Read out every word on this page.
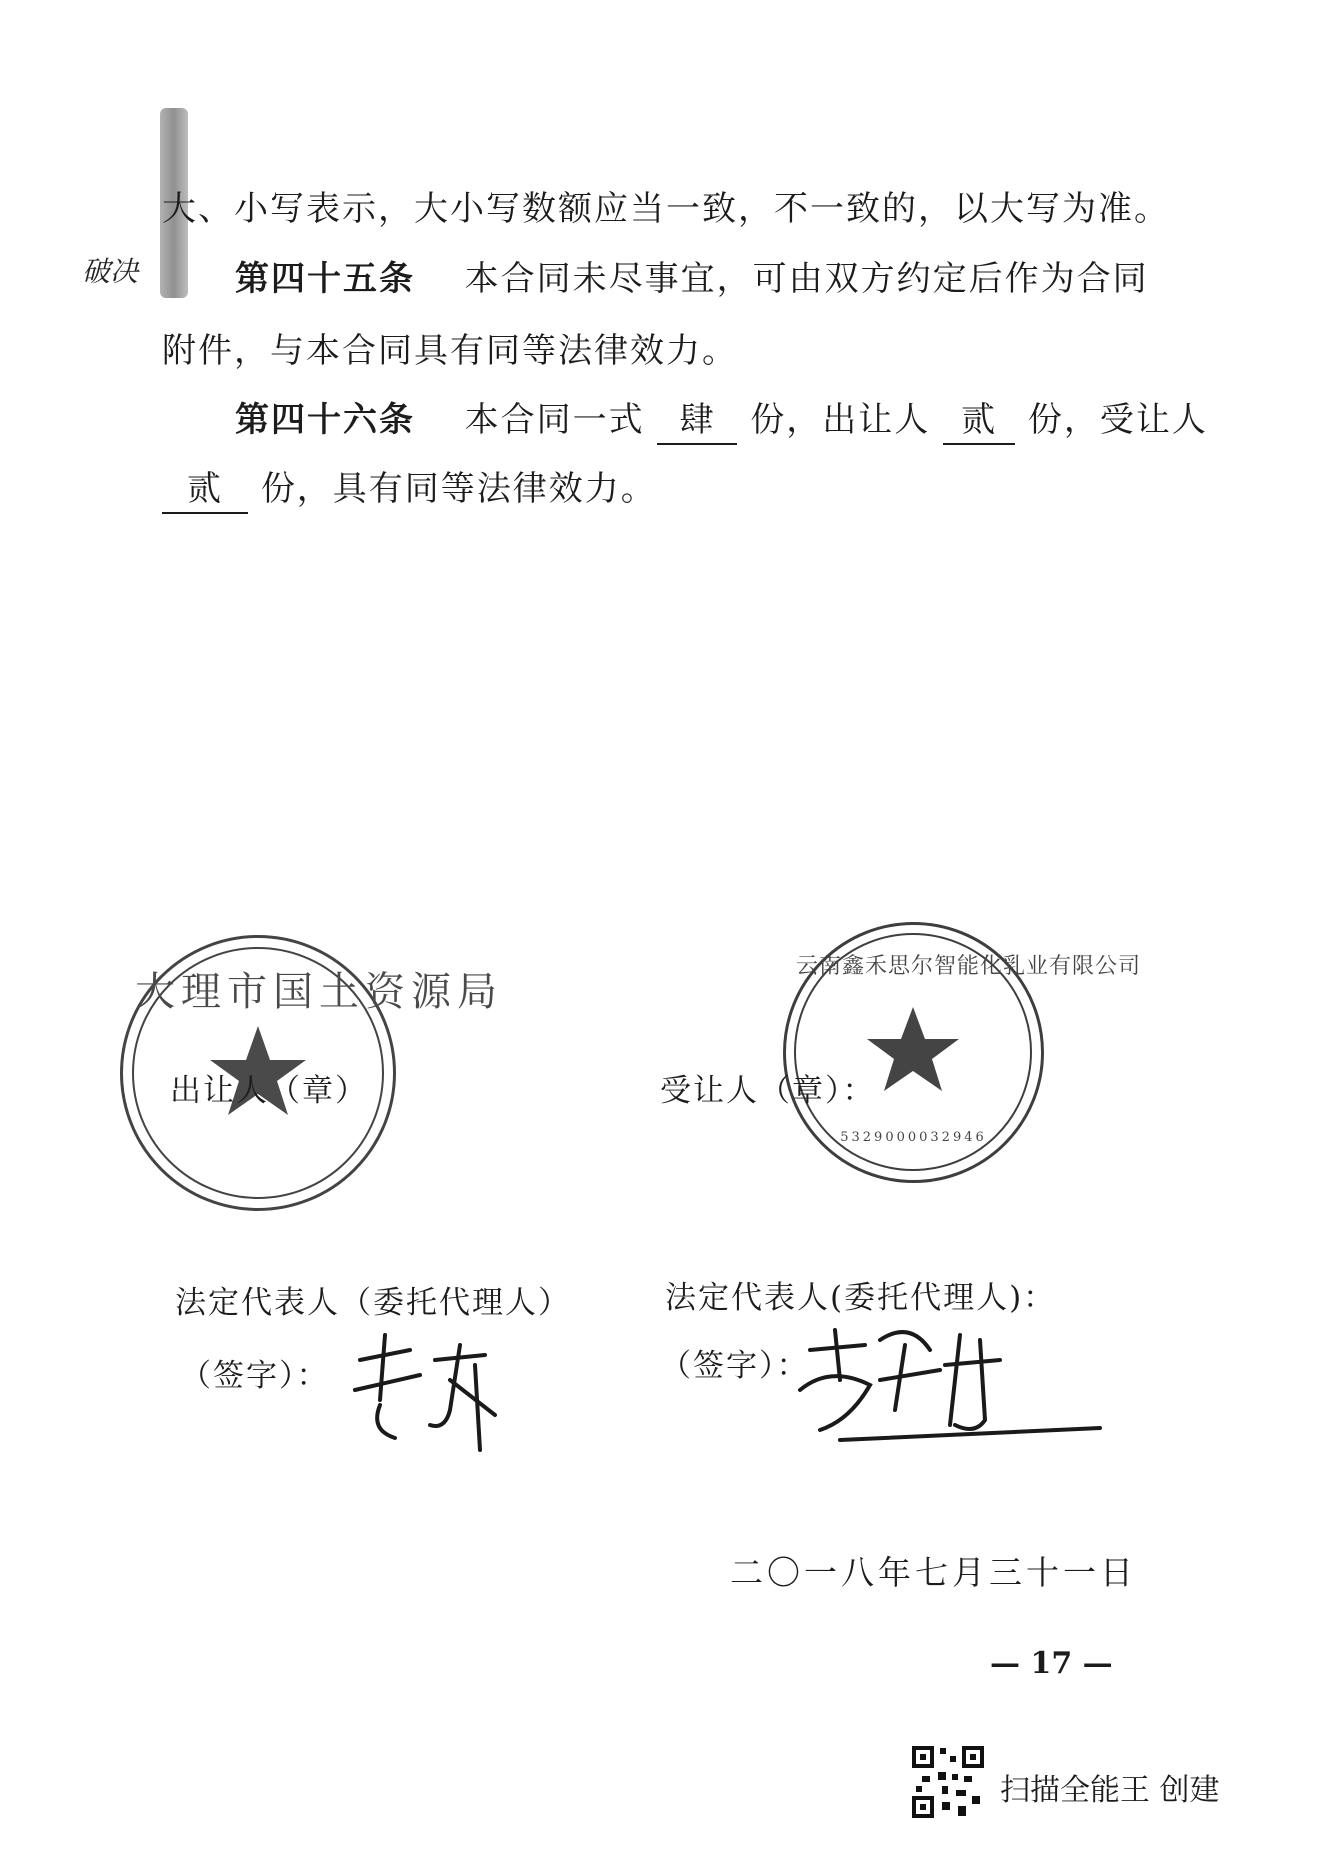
破决
大、小写表示，大小写数额应当一致，不一致的，以大写为准。
第四十五条 本合同未尽事宜，可由双方约定后作为合同
附件，与本合同具有同等法律效力。
第四十六条 本合同一式 肆 份，出让人 贰 份，受让人
贰 份，具有同等法律效力。
大理市国土资源局
云南鑫禾思尔智能化乳业有限公司
5329000032946
出让人（章）	受让人（章）：
法定代表人（委托代理人）	法定代表人(委托代理人)：
（签字）：	（签字）：
二〇一八年七月三十一日
— 17 —
扫描全能王 创建
